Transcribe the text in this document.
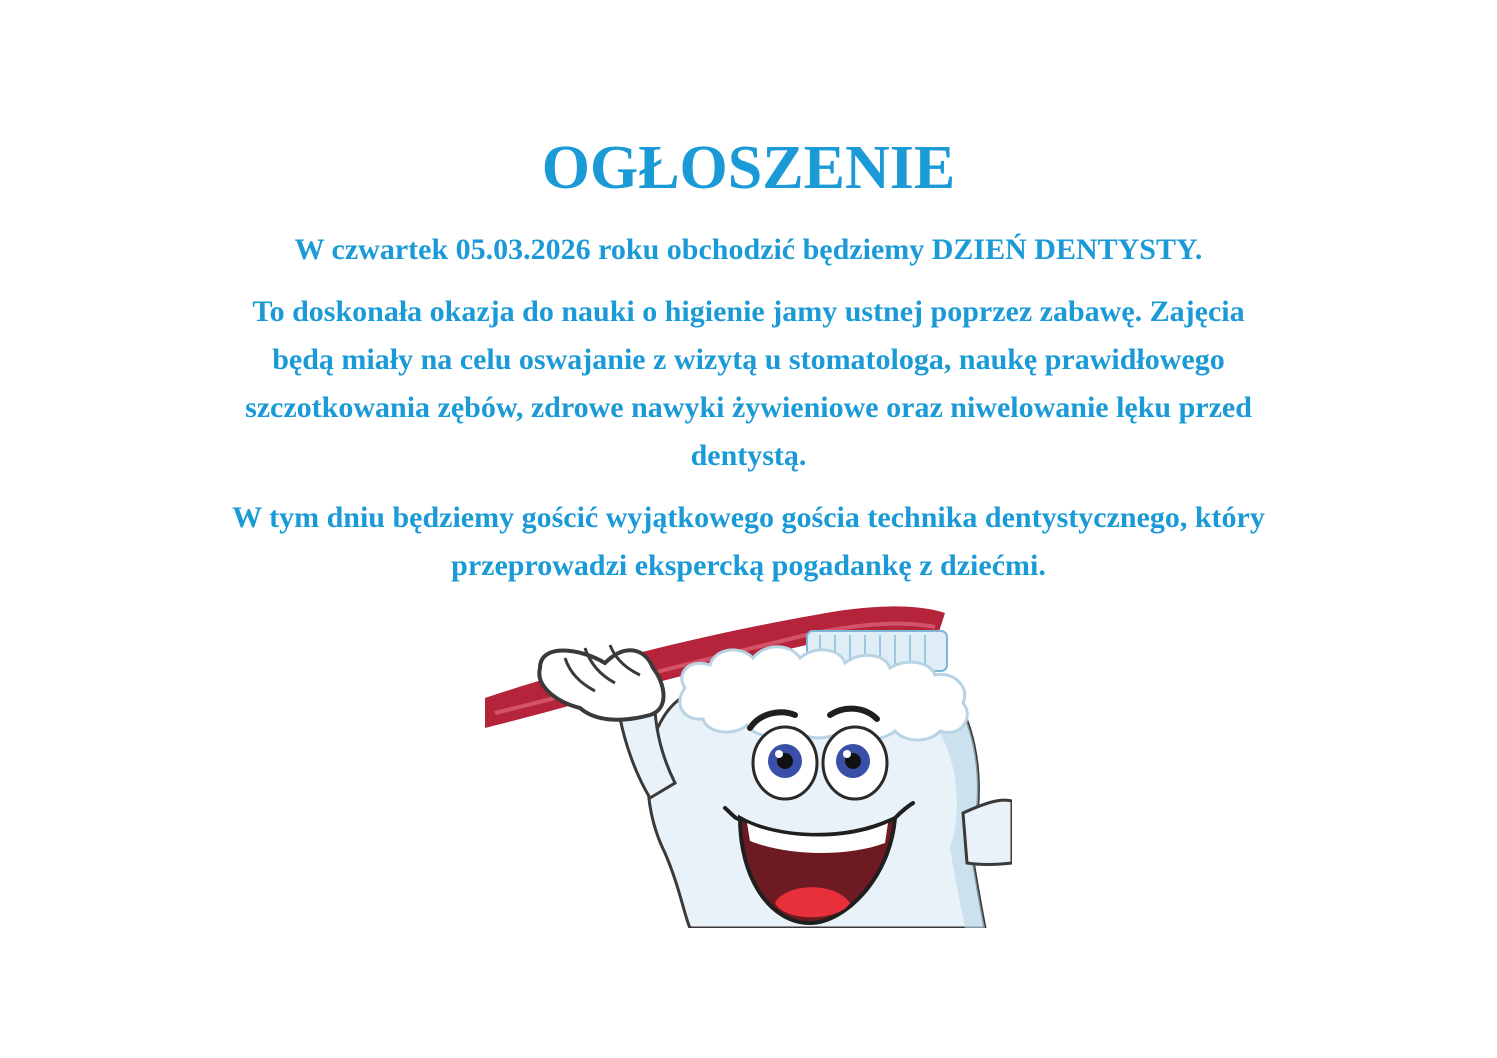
OGŁOSZENIE

W czwartek 05.03.2026 roku obchodzić będziemy DZIEŃ DENTYSTY.

To doskonała okazja do nauki o higienie jamy ustnej poprzez zabawę. Zajęcia
będą miały na celu oswajanie z wizytą u stomatologa, naukę prawidłowego
szczotkowania zębów, zdrowe nawyki żywieniowe oraz niwelowanie lęku przed
dentystą.

W tym dniu będziemy gościć wyjątkowego gościa technika dentystycznego, który
przeprowadzi ekspercką pogadankę z dziećmi.
